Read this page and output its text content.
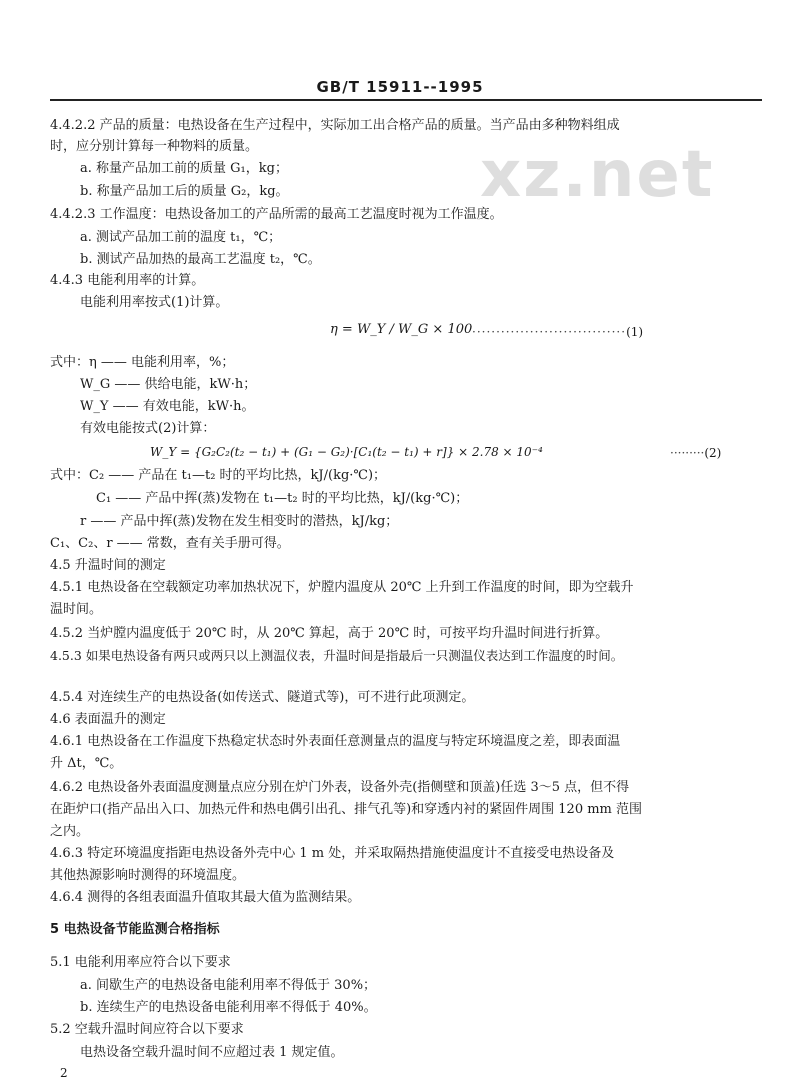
xz.net
GB/T 15911--1995
4.4.2.2 产品的质量：电热设备在生产过程中，实际加工出合格产品的质量。当产品由多种物料组成
时，应分别计算每一种物料的质量。
a. 称量产品加工前的质量 G₁，kg；
b. 称量产品加工后的质量 G₂，kg。
4.4.2.3 工作温度：电热设备加工的产品所需的最高工艺温度时视为工作温度。
a. 测试产品加工前的温度 t₁，℃；
b. 测试产品加热的最高工艺温度 t₂，℃。
4.4.3 电能利用率的计算。
电能利用率按式(1)计算。
η = W_Y / W_G × 100 ································(1)
式中：η —— 电能利用率，%；
W_G —— 供给电能，kW·h；
W_Y —— 有效电能，kW·h。
有效电能按式(2)计算：
W_Y = {G₂C₂(t₂ − t₁) + (G₁ − G₂)·[C₁(t₂ − t₁) + r]} × 2.78 × 10⁻⁴	·········(2)
式中：C₂ —— 产品在 t₁—t₂ 时的平均比热，kJ/(kg·℃)；
C₁ —— 产品中挥(蒸)发物在 t₁—t₂ 时的平均比热，kJ/(kg·℃)；
r —— 产品中挥(蒸)发物在发生相变时的潜热，kJ/kg；
C₁、C₂、r —— 常数，查有关手册可得。
4.5 升温时间的测定
4.5.1 电热设备在空载额定功率加热状况下，炉膛内温度从 20℃ 上升到工作温度的时间，即为空载升
温时间。
4.5.2 当炉膛内温度低于 20℃ 时，从 20℃ 算起，高于 20℃ 时，可按平均升温时间进行折算。
4.5.3 如果电热设备有两只或两只以上测温仪表，升温时间是指最后一只测温仪表达到工作温度的时间。
4.5.4 对连续生产的电热设备(如传送式、隧道式等)，可不进行此项测定。
4.6 表面温升的测定
4.6.1 电热设备在工作温度下热稳定状态时外表面任意测量点的温度与特定环境温度之差，即表面温
升 Δt，℃。
4.6.2 电热设备外表面温度测量点应分别在炉门外表，设备外壳(指侧壁和顶盖)任选 3～5 点，但不得
在距炉口(指产品出入口、加热元件和热电偶引出孔、排气孔等)和穿透内衬的紧固件周围 120 mm 范围
之内。
4.6.3 特定环境温度指距电热设备外壳中心 1 m 处，并采取隔热措施使温度计不直接受电热设备及
其他热源影响时测得的环境温度。
4.6.4 测得的各组表面温升值取其最大值为监测结果。
5 电热设备节能监测合格指标
5.1 电能利用率应符合以下要求
a. 间歇生产的电热设备电能利用率不得低于 30%；
b. 连续生产的电热设备电能利用率不得低于 40%。
5.2 空载升温时间应符合以下要求
电热设备空载升温时间不应超过表 1 规定值。
2
